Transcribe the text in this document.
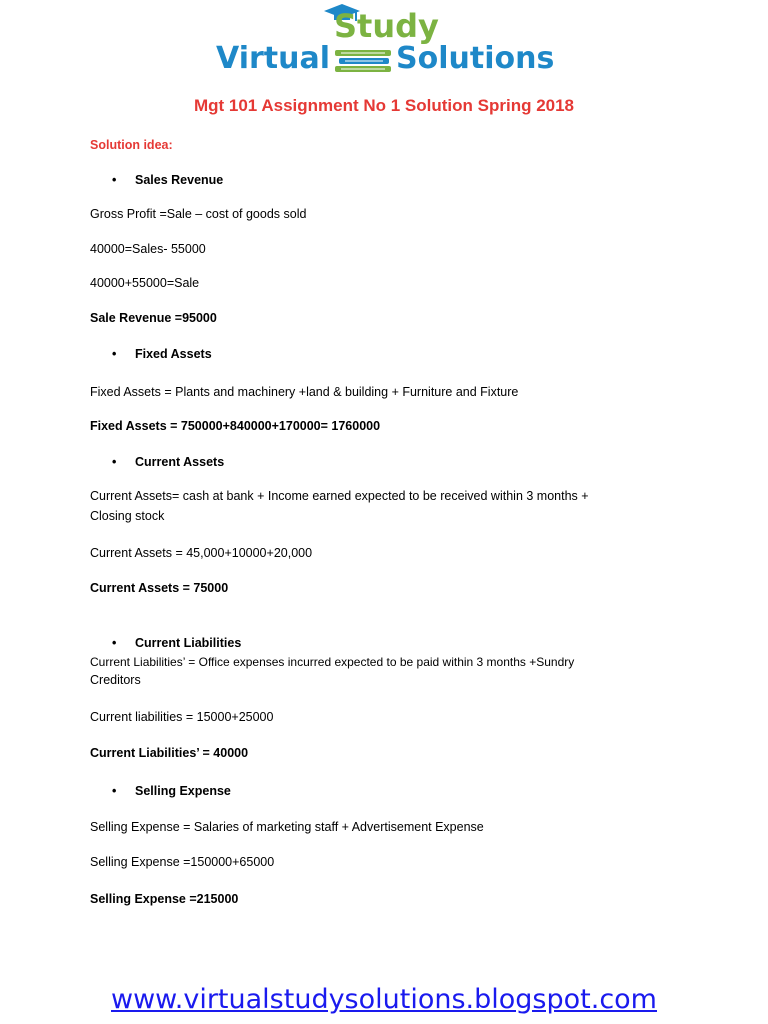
Study
Virtual Solutions
Mgt 101 Assignment No 1 Solution Spring 2018
Solution idea:
• Sales Revenue
Gross Profit =Sale – cost of goods sold
40000=Sales- 55000
40000+55000=Sale
Sale Revenue =95000
• Fixed Assets
Fixed Assets = Plants and machinery +land & building + Furniture and Fixture
Fixed Assets = 750000+840000+170000= 1760000
• Current Assets
Current Assets= cash at bank + Income earned expected to be received within 3 months +
Closing stock
Current Assets = 45,000+10000+20,000
Current Assets = 75000
• Current Liabilities
Current Liabilities’ = Office expenses incurred expected to be paid within 3 months +Sundry
Creditors
Current liabilities = 15000+25000
Current Liabilities’ = 40000
• Selling Expense
Selling Expense = Salaries of marketing staff + Advertisement Expense
Selling Expense =150000+65000
Selling Expense =215000
www.virtualstudysolutions.blogspot.com
